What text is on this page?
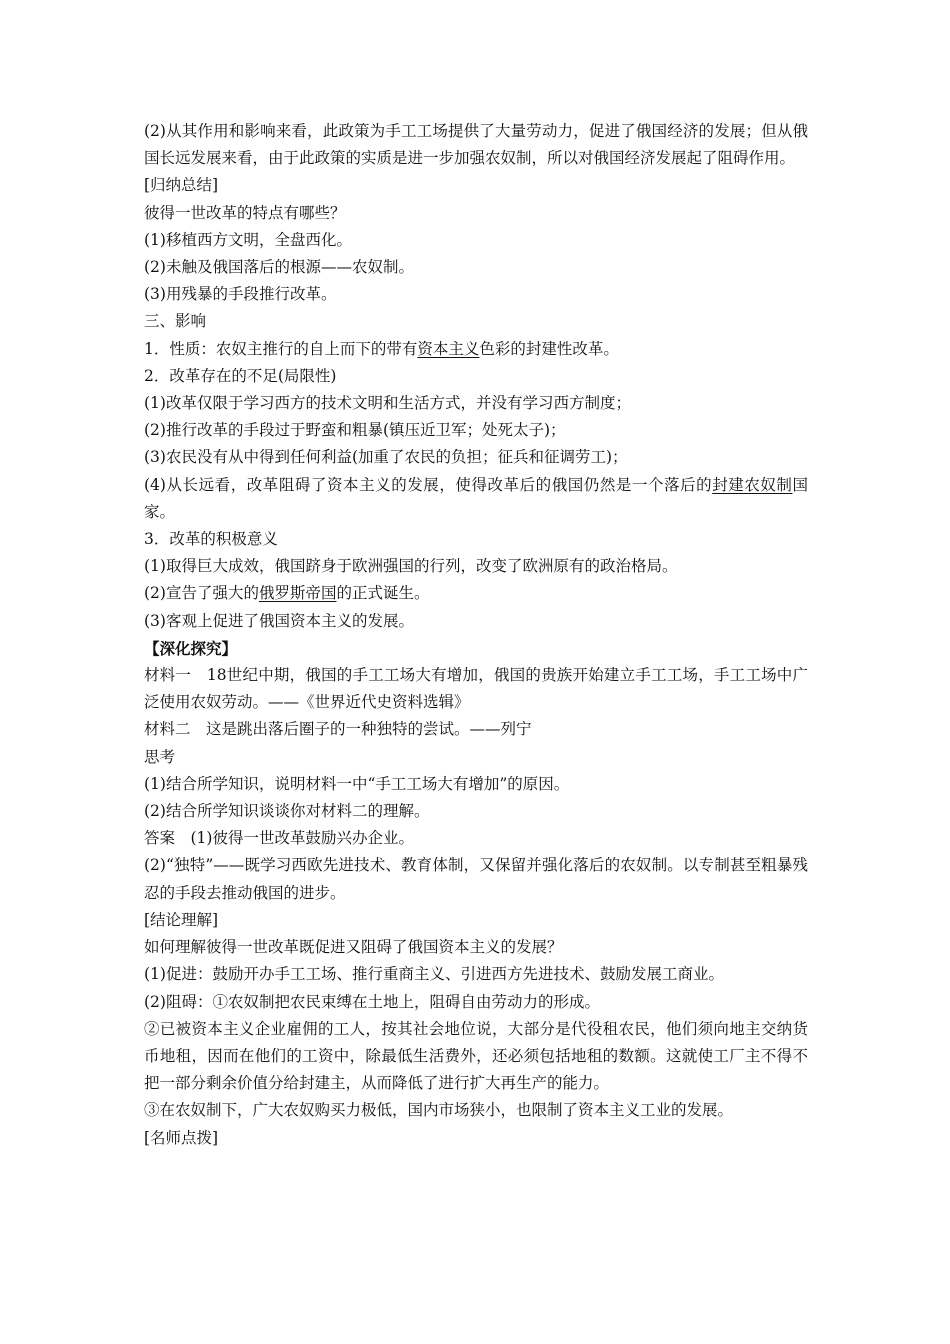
(2)从其作用和影响来看，此政策为手工工场提供了大量劳动力，促进了俄国经济的发展；但从俄国长远发展来看，由于此政策的实质是进一步加强农奴制，所以对俄国经济发展起了阻碍作用。

[归纳总结]

彼得一世改革的特点有哪些？

(1)移植西方文明，全盘西化。

(2)未触及俄国落后的根源——农奴制。

(3)用残暴的手段推行改革。

三、影响

1．性质：农奴主推行的自上而下的带有资本主义色彩的封建性改革。

2．改革存在的不足(局限性)

(1)改革仅限于学习西方的技术文明和生活方式，并没有学习西方制度；

(2)推行改革的手段过于野蛮和粗暴(镇压近卫军；处死太子)；

(3)农民没有从中得到任何利益(加重了农民的负担；征兵和征调劳工)；

(4)从长远看，改革阻碍了资本主义的发展，使得改革后的俄国仍然是一个落后的封建农奴制国家。

3．改革的积极意义

(1)取得巨大成效，俄国跻身于欧洲强国的行列，改变了欧洲原有的政治格局。

(2)宣告了强大的俄罗斯帝国的正式诞生。

(3)客观上促进了俄国资本主义的发展。

【深化探究】

材料一　18世纪中期，俄国的手工工场大有增加，俄国的贵族开始建立手工工场，手工工场中广泛使用农奴劳动。——《世界近代史资料选辑》

材料二　这是跳出落后圈子的一种独特的尝试。——列宁

思考

(1)结合所学知识，说明材料一中“手工工场大有增加”的原因。

(2)结合所学知识谈谈你对材料二的理解。

答案　(1)彼得一世改革鼓励兴办企业。

(2)“独特”——既学习西欧先进技术、教育体制，又保留并强化落后的农奴制。以专制甚至粗暴残忍的手段去推动俄国的进步。

[结论理解]

如何理解彼得一世改革既促进又阻碍了俄国资本主义的发展？

(1)促进：鼓励开办手工工场、推行重商主义、引进西方先进技术、鼓励发展工商业。

(2)阻碍：①农奴制把农民束缚在土地上，阻碍自由劳动力的形成。

②已被资本主义企业雇佣的工人，按其社会地位说，大部分是代役租农民，他们须向地主交纳货币地租，因而在他们的工资中，除最低生活费外，还必须包括地租的数额。这就使工厂主不得不把一部分剩余价值分给封建主，从而降低了进行扩大再生产的能力。

③在农奴制下，广大农奴购买力极低，国内市场狭小，也限制了资本主义工业的发展。

[名师点拨]
